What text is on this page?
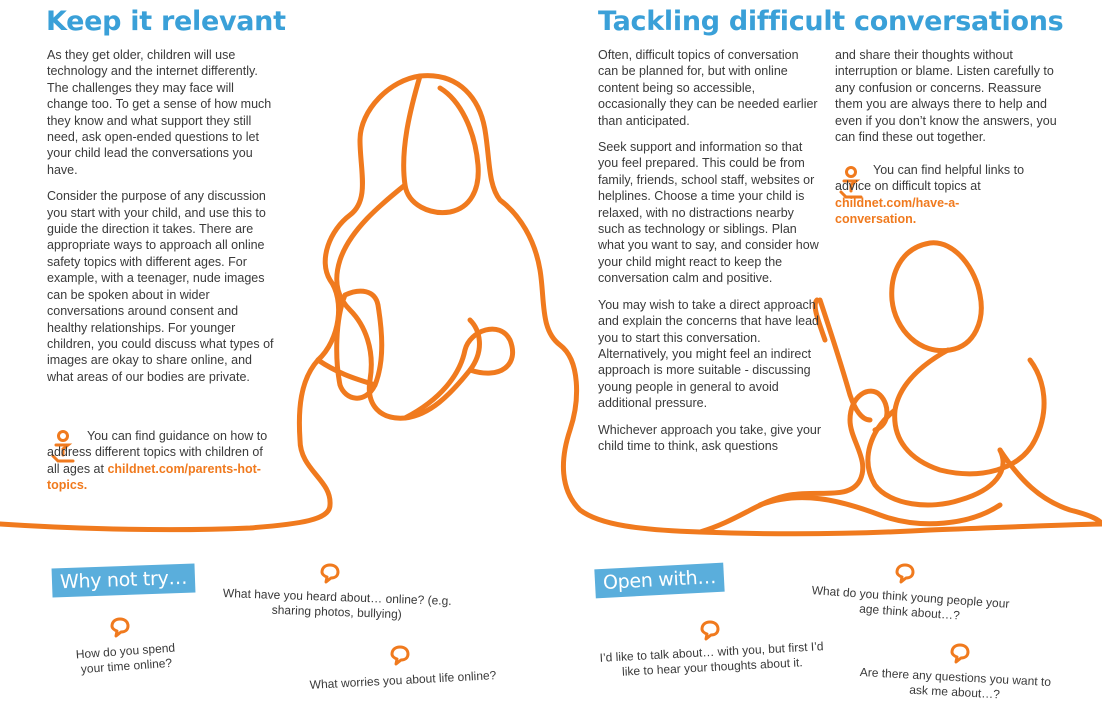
Keep it relevant

As they get older, children will use technology and the internet differently. The challenges they may face will change too. To get a sense of how much they know and what support they still need, ask open-ended questions to let your child lead the conversations you have.

Consider the purpose of any discussion you start with your child, and use this to guide the direction it takes. There are appropriate ways to approach all online safety topics with different ages. For example, with a teenager, nude images can be spoken about in wider conversations around consent and healthy relationships. For younger children, you could discuss what types of images are okay to share online, and what areas of our bodies are private.

You can find guidance on how to address different topics with children of all ages at childnet.com/parents-hot-topics.
Tackling difficult conversations

Often, difficult topics of conversation can be planned for, but with online content being so accessible, occasionally they can be needed earlier than anticipated.

Seek support and information so that you feel prepared. This could be from family, friends, school staff, websites or helplines. Choose a time your child is relaxed, with no distractions nearby such as technology or siblings. Plan what you want to say, and consider how your child might react to keep the conversation calm and positive.

You may wish to take a direct approach and explain the concerns that have lead you to start this conversation. Alternatively, you might feel an indirect approach is more suitable - discussing young people in general to avoid additional pressure.

Whichever approach you take, give your child time to think, ask questions

and share their thoughts without interruption or blame. Listen carefully to any confusion or concerns. Reassure them you are always there to help and even if you don’t know the answers, you can find these out together.

You can find helpful links to advice on difficult topics at childnet.com/have-a-conversation.
Why not try…
How do you spend your time online?
What have you heard about… online? (e.g. sharing photos, bullying)
What worries you about life online?
Open with…
I’d like to talk about… with you, but first I’d like to hear your thoughts about it.
What do you think young people your age think about…?
Are there any questions you want to ask me about…?
